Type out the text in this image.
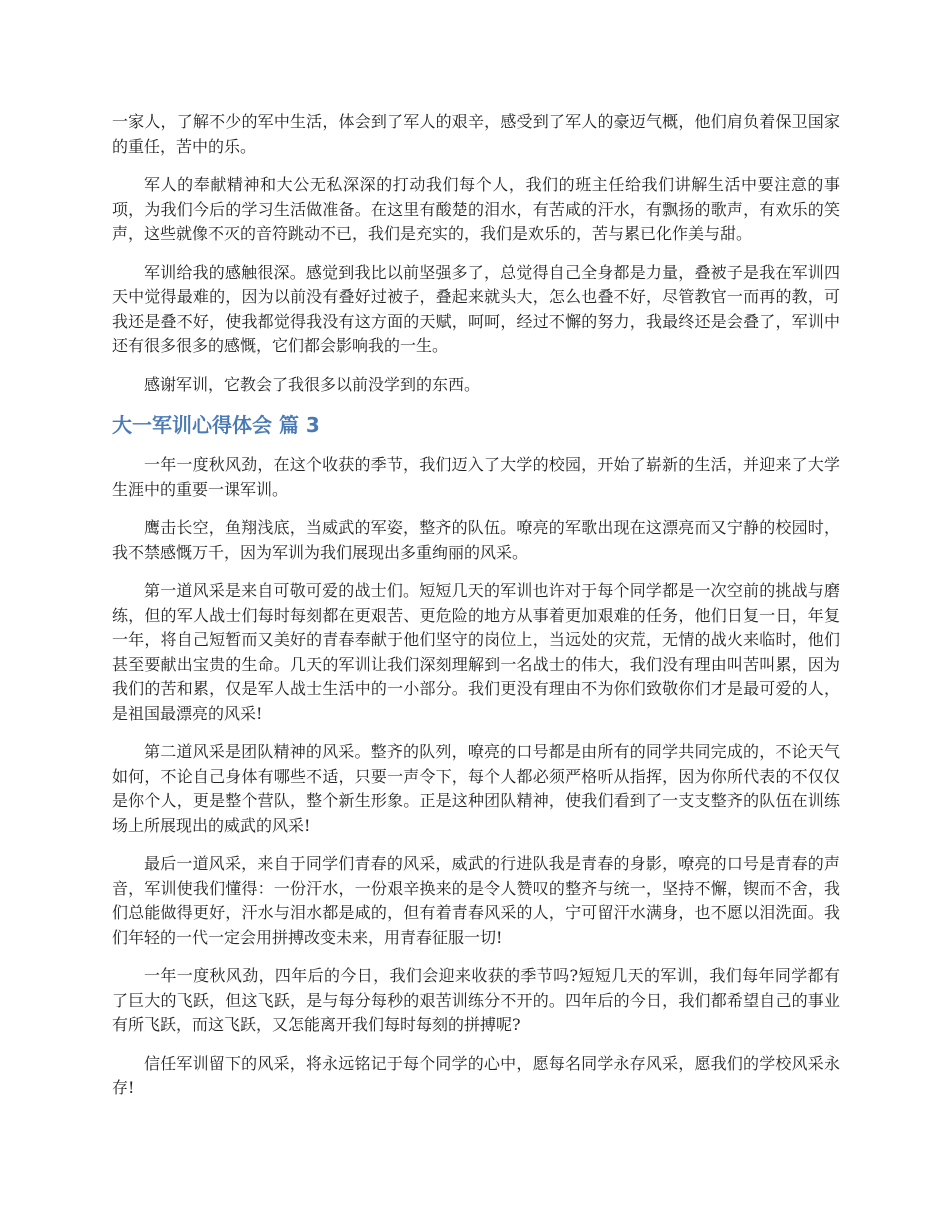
一家人，了解不少的军中生活，体会到了军人的艰辛，感受到了军人的豪迈气概，他们肩负着保卫国家的重任，苦中的乐。

军人的奉献精神和大公无私深深的打动我们每个人，我们的班主任给我们讲解生活中要注意的事项，为我们今后的学习生活做准备。在这里有酸楚的泪水，有苦咸的汗水，有飘扬的歌声，有欢乐的笑声，这些就像不灭的音符跳动不已，我们是充实的，我们是欢乐的，苦与累已化作美与甜。

军训给我的感触很深。感觉到我比以前坚强多了，总觉得自己全身都是力量，叠被子是我在军训四天中觉得最难的，因为以前没有叠好过被子，叠起来就头大，怎么也叠不好，尽管教官一而再的教，可我还是叠不好，使我都觉得我没有这方面的天赋，呵呵，经过不懈的努力，我最终还是会叠了，军训中还有很多很多的感慨，它们都会影响我的一生。

感谢军训，它教会了我很多以前没学到的东西。

大一军训心得体会 篇 3

一年一度秋风劲，在这个收获的季节，我们迈入了大学的校园，开始了崭新的生活，并迎来了大学生涯中的重要一课军训。

鹰击长空，鱼翔浅底，当威武的军姿，整齐的队伍。嘹亮的军歌出现在这漂亮而又宁静的校园时，我不禁感慨万千，因为军训为我们展现出多重绚丽的风采。

第一道风采是来自可敬可爱的战士们。短短几天的军训也许对于每个同学都是一次空前的挑战与磨练，但的军人战士们每时每刻都在更艰苦、更危险的地方从事着更加艰难的任务，他们日复一日，年复一年，将自己短暂而又美好的青春奉献于他们坚守的岗位上，当远处的灾荒，无情的战火来临时，他们甚至要献出宝贵的生命。几天的军训让我们深刻理解到一名战士的伟大，我们没有理由叫苦叫累，因为我们的苦和累，仅是军人战士生活中的一小部分。我们更没有理由不为你们致敬你们才是最可爱的人，是祖国最漂亮的风采!

第二道风采是团队精神的风采。整齐的队列，嘹亮的口号都是由所有的同学共同完成的，不论天气如何，不论自己身体有哪些不适，只要一声令下，每个人都必须严格听从指挥，因为你所代表的不仅仅是你个人，更是整个营队，整个新生形象。正是这种团队精神，使我们看到了一支支整齐的队伍在训练场上所展现出的威武的风采!

最后一道风采，来自于同学们青春的风采，威武的行进队我是青春的身影，嘹亮的口号是青春的声音，军训使我们懂得：一份汗水，一份艰辛换来的是令人赞叹的整齐与统一，坚持不懈，锲而不舍，我们总能做得更好，汗水与泪水都是咸的，但有着青春风采的人，宁可留汗水满身，也不愿以泪洗面。我们年轻的一代一定会用拼搏改变未来，用青春征服一切!

一年一度秋风劲，四年后的今日，我们会迎来收获的季节吗?短短几天的军训，我们每年同学都有了巨大的飞跃，但这飞跃，是与每分每秒的艰苦训练分不开的。四年后的今日，我们都希望自己的事业有所飞跃，而这飞跃，又怎能离开我们每时每刻的拼搏呢?

信任军训留下的风采，将永远铭记于每个同学的心中，愿每名同学永存风采，愿我们的学校风采永存!
